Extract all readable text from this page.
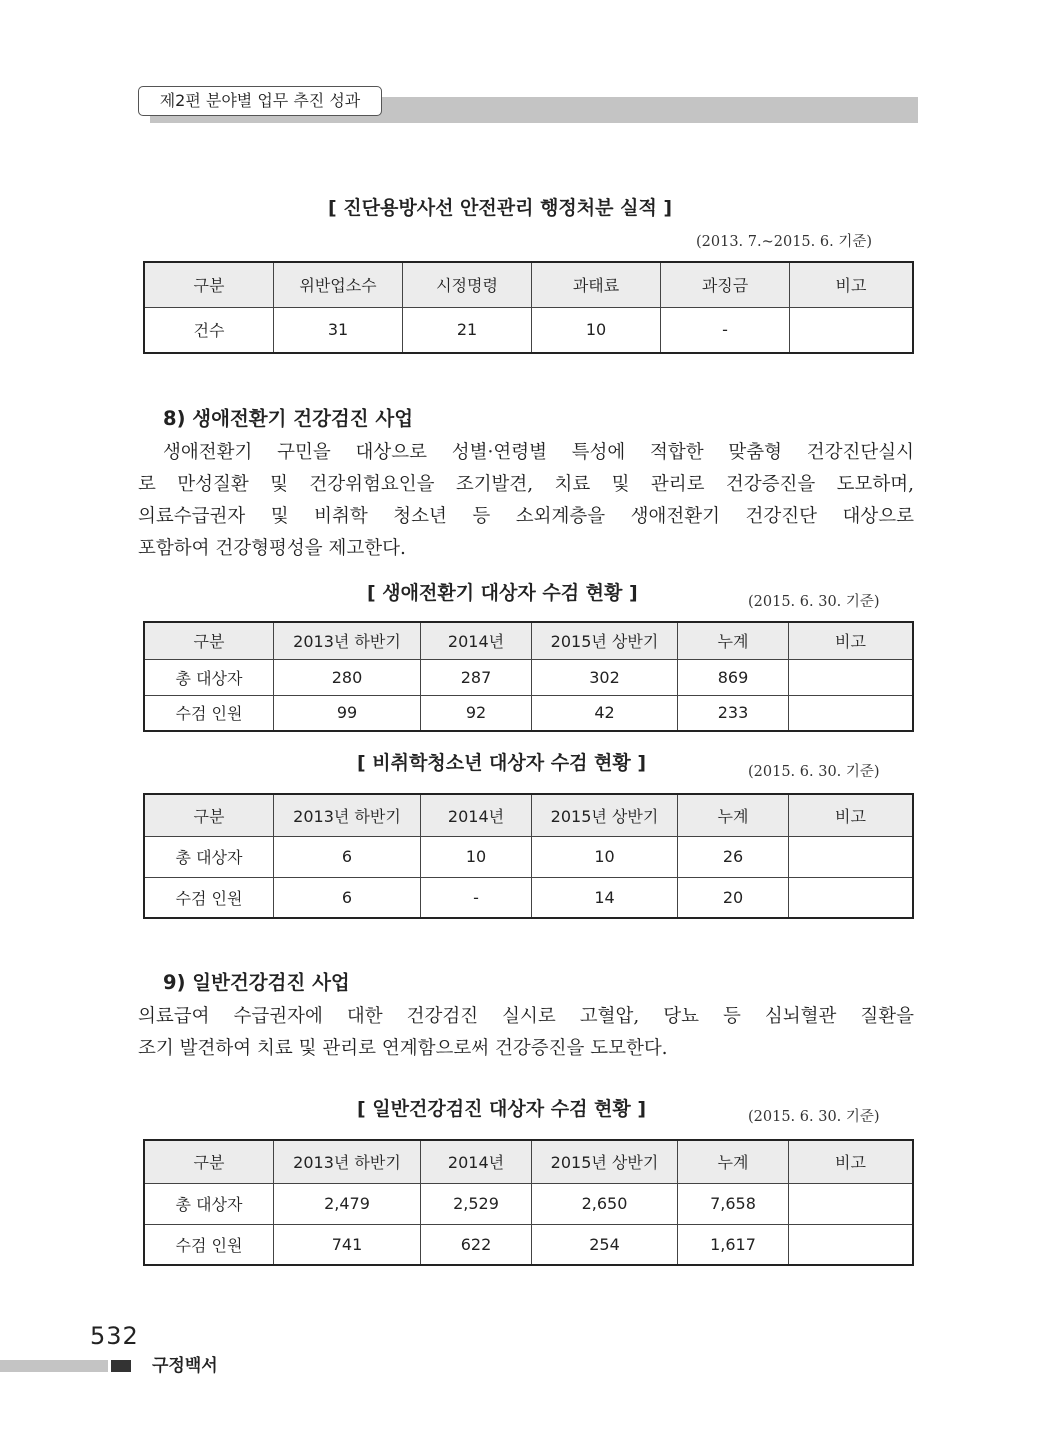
제2편 분야별 업무 추진 성과
[ 진단용방사선 안전관리 행정처분 실적 ]
(2013. 7.~2015. 6. 기준)
구분	위반업소수	시정명령	과태료	과징금	비고
건수	31	21	10	-	
8) 생애전환기 건강검진 사업
생애전환기 구민을 대상으로 성별·연령별 특성에 적합한 맞춤형 건강진단실시
로 만성질환 및 건강위험요인을 조기발견, 치료 및 관리로 건강증진을 도모하며,
의료수급권자 및 비취학 청소년 등 소외계층을 생애전환기 건강진단 대상으로
포함하여 건강형평성을 제고한다.
[ 생애전환기 대상자 수검 현황 ]	(2015. 6. 30. 기준)
구분	2013년 하반기	2014년	2015년 상반기	누계	비고
총 대상자	280	287	302	869	
수검 인원	99	92	42	233	
[ 비취학청소년 대상자 수검 현황 ]	(2015. 6. 30. 기준)
구분	2013년 하반기	2014년	2015년 상반기	누계	비고
총 대상자	6	10	10	26	
수검 인원	6	-	14	20	
9) 일반건강검진 사업
의료급여 수급권자에 대한 건강검진 실시로 고혈압, 당뇨 등 심뇌혈관 질환을
조기 발견하여 치료 및 관리로 연계함으로써 건강증진을 도모한다.
[ 일반건강검진 대상자 수검 현황 ]	(2015. 6. 30. 기준)
구분	2013년 하반기	2014년	2015년 상반기	누계	비고
총 대상자	2,479	2,529	2,650	7,658	
수검 인원	741	622	254	1,617	
532
구정백서
